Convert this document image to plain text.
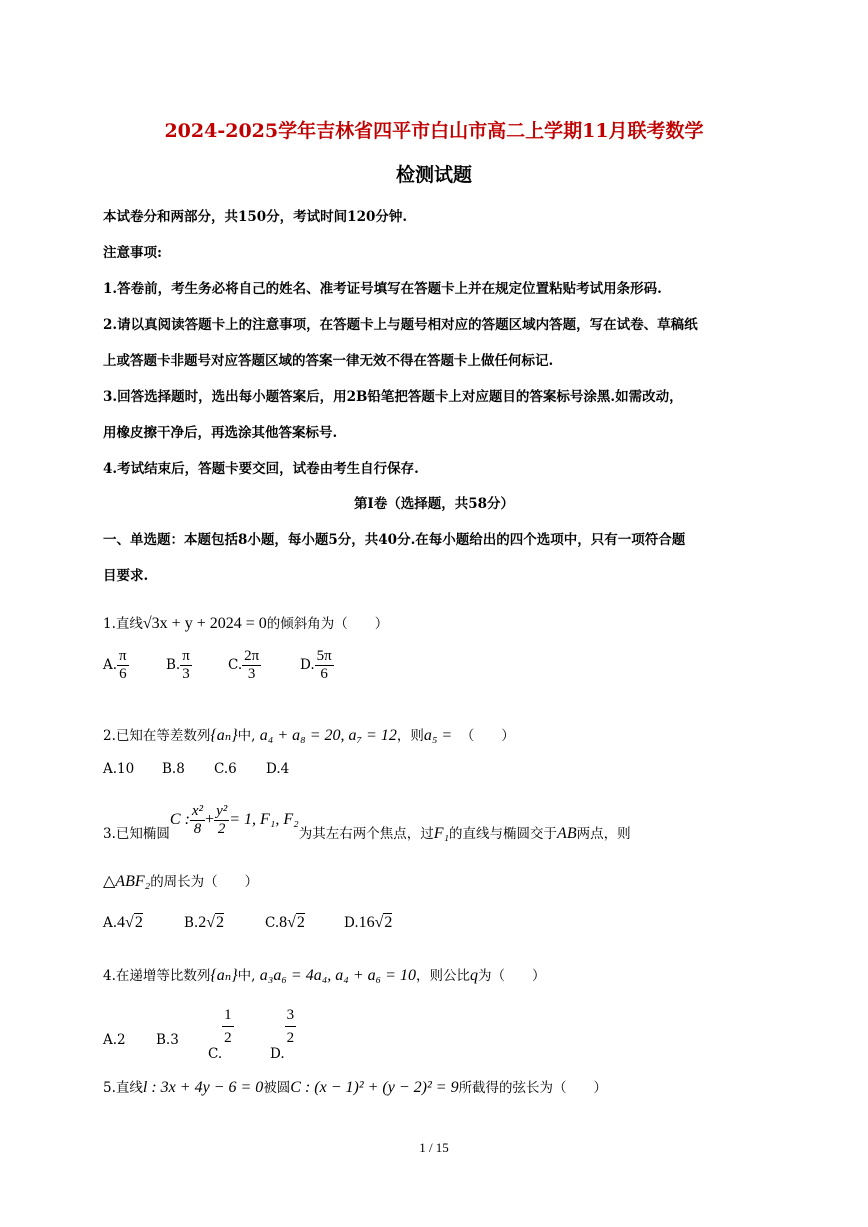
2024-2025学年吉林省四平市白山市高二上学期11月联考数学
检测试题
本试卷分和两部分，共150分，考试时间120分钟.
注意事项:
1.答卷前，考生务必将自己的姓名、准考证号填写在答题卡上并在规定位置粘贴考试用条形码.
2.请以真阅读答题卡上的注意事项，在答题卡上与题号相对应的答题区域内答题，写在试卷、草稿纸
上或答题卡非题号对应答题区域的答案一律无效不得在答题卡上做任何标记.
3.回答选择题时，选出每小题答案后，用2B铅笔把答题卡上对应题目的答案标号涂黑.如需改动，
用橡皮擦干净后，再选涂其他答案标号.
4.考试结束后，答题卡要交回，试卷由考生自行保存.
第I卷（选择题，共58分）
一、单选题：本题包括8小题，每小题5分，共40分.在每小题给出的四个选项中，只有一项符合题
目要求.
1.直线√3x + y + 2024 = 0的倾斜角为（　　）
A. $\frac{\pi}{6}$	B. $\frac{\pi}{3}$	C. $\frac{2\pi}{3}$	D. $\frac{5\pi}{6}$
2.已知在等差数列{aₙ}中, a₄ + a₈ = 20, a₇ = 12，则a₅ = （　　）
A.10 B.8 C.6 D.4
3.已知椭圆C : $\frac{\text{x²}}{8} + \frac{\text{y²}}{2} = 1$, F₁, F₂为其左右两个焦点，过F₁的直线与椭圆交于AB两点，则
△ABF₂的周长为（　　）
A.4√2	B.2√2	C.8√2	D.16√2
4.在递增等比数列{aₙ}中, a₃a₆ = 4a₄, a₄ + a₆ = 10，则公比q为（　　）
A.2 B.3
C.
$\frac{1}{2}$
D.
$\frac{3}{2}$
5.直线l : 3x + 4y − 6 = 0被圆C : (x − 1)² + (y − 2)² = 9所截得的弦长为（　　）
1 / 15
